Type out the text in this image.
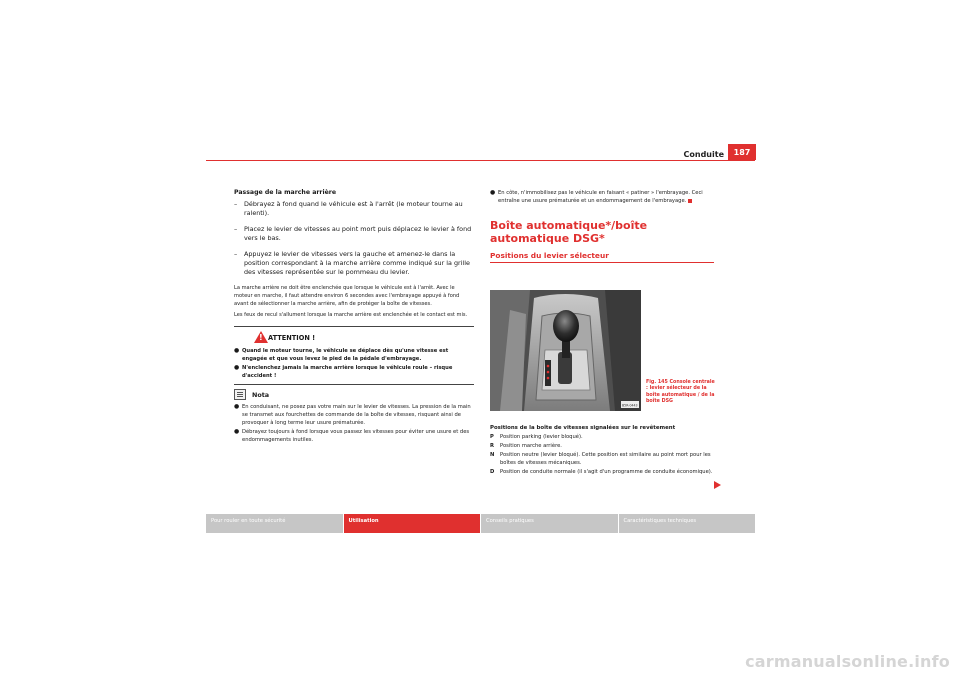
Conduite	187
Passage de la marche arrière
– Débrayez à fond quand le véhicule est à l'arrêt (le moteur tourne au ralenti).
– Placez le levier de vitesses au point mort puis déplacez le levier à fond vers le bas.
– Appuyez le levier de vitesses vers la gauche et amenez-le dans la position correspondant à la marche arrière comme indiqué sur la grille des vitesses représentée sur le pommeau du levier.

La marche arrière ne doit être enclenchée que lorsque le véhicule est à l'arrêt. Avec le moteur en marche, il faut attendre environ 6 secondes avec l'embrayage appuyé à fond avant de sélectionner la marche arrière, afin de protéger la boîte de vitesses.

Les feux de recul s'allument lorsque la marche arrière est enclenchée et le contact est mis.

!
ATTENTION !
● Quand le moteur tourne, le véhicule se déplace dès qu'une vitesse est engagée et que vous levez le pied de la pédale d'embrayage.
● N'enclenchez jamais la marche arrière lorsque le véhicule roule – risque d'accident !
Nota
● En conduisant, ne posez pas votre main sur le levier de vitesses. La pression de la main se transmet aux fourchettes de commande de la boîte de vitesses, risquant ainsi de provoquer à long terme leur usure prématurée.
● Débrayez toujours à fond lorsque vous passez les vitesses pour éviter une usure et des endommagements inutiles.
● En côte, n'immobilisez pas le véhicule en faisant « patiner » l'embrayage. Ceci entraîne une usure prématurée et un endommagement de l'embrayage.
Boîte automatique*/boîte automatique DSG*
Positions du levier sélecteur
B5R-0443
Fig. 145 Console centrale : levier sélecteur de la boîte automatique / de la boîte DSG
Positions de la boîte de vitesses signalées sur le revêtement
P	Position parking (levier bloqué).
R	Position marche arrière.
N	Position neutre (levier bloqué). Cette position est similaire au point mort pour les boîtes de vitesses mécaniques.
D	Position de conduite normale (il s'agit d'un programme de conduite économique).
Pour rouler en toute sécurité	Utilisation	Conseils pratiques	Caractéristiques techniques
carmanualsonline.info
